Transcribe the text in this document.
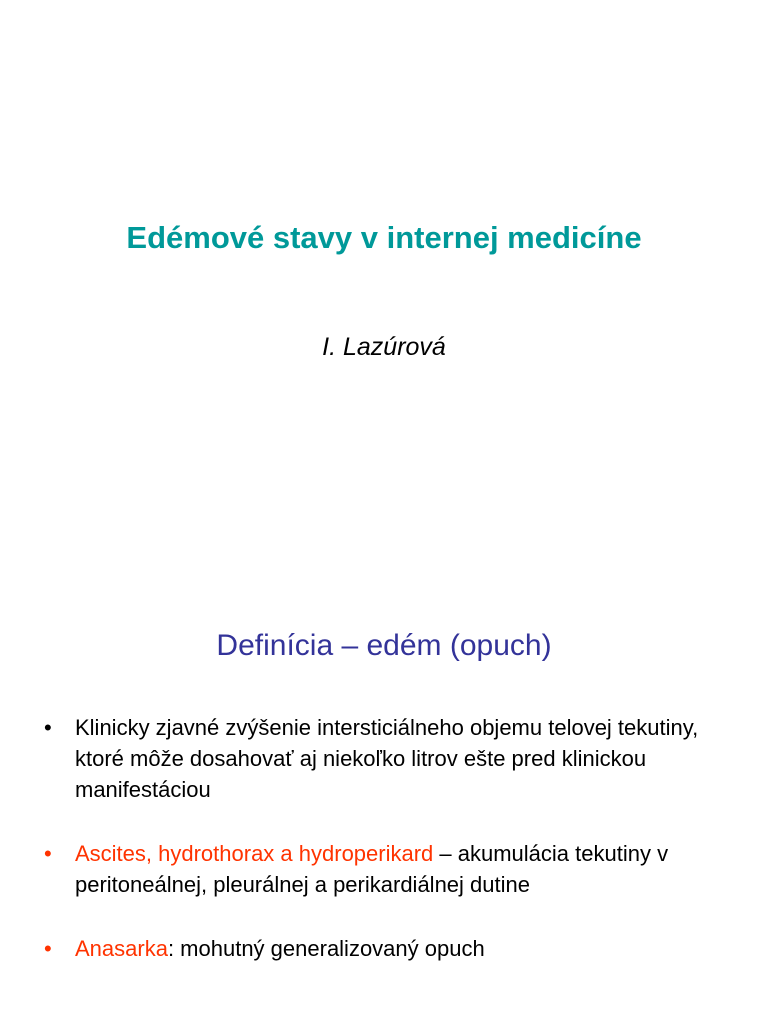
Edémové stavy v internej medicíne

I. Lazúrová

Definícia – edém (opuch)
•	Klinicky zjavné zvýšenie intersticiálneho objemu telovej tekutiny, ktoré môže dosahovať aj niekoľko litrov ešte pred klinickou manifestáciou
•	Ascites, hydrothorax a hydroperikard – akumulácia tekutiny v peritoneálnej, pleurálnej a perikardiálnej dutine
•	Anasarka: mohutný generalizovaný opuch
